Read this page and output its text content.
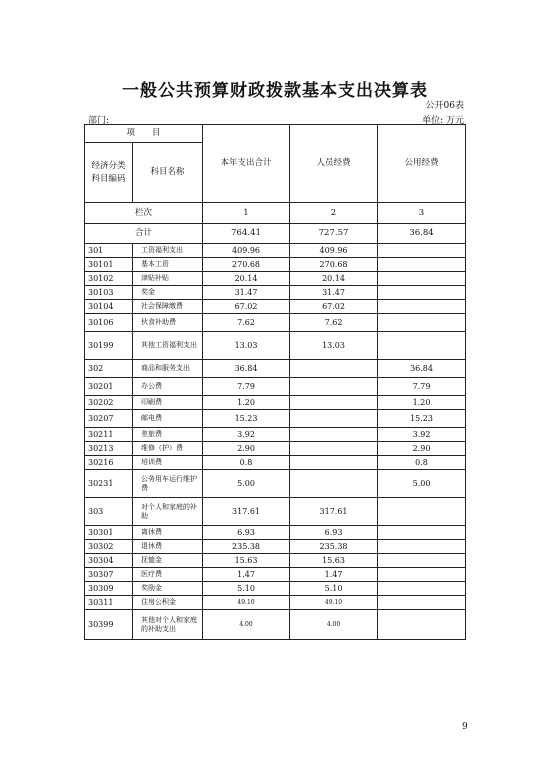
一般公共预算财政拨款基本支出决算表
公开06表
部门:	单位: 万元
项　　目		本年支出合计	人员经费	公用经费
经济分类科目编码	科目名称			
栏次		1	2	3
合计		764.41	727.57	36.84
301	工资福利支出	409.96	409.96	
30101	基本工资	270.68	270.68	
30102	津贴补贴	20.14	20.14	
30103	奖金	31.47	31.47	
30104	社会保障缴费	67.02	67.02	
30106	伙食补助费	7.62	7.62	
30199	其他工资福利支出	13.03	13.03	
302	商品和服务支出	36.84		36.84
30201	办公费	7.79		7.79
30202	印刷费	1.20		1.20
30207	邮电费	15.23		15.23
30211	差旅费	3.92		3.92
30213	维修（护）费	2.90		2.90
30216	培训费	0.8		0.8
30231	公务用车运行维护费	5.00		5.00
303	对个人和家庭的补助	317.61	317.61	
30301	离休费	6.93	6.93	
30302	退休费	235.38	235.38	
30304	抚恤金	15.63	15.63	
30307	医疗费	1.47	1.47	
30309	奖励金	5.10	5.10	
30311	住房公积金	49.10	49.10	
30399	其他对个人和家庭的补助支出	4.00	4.00	
9
